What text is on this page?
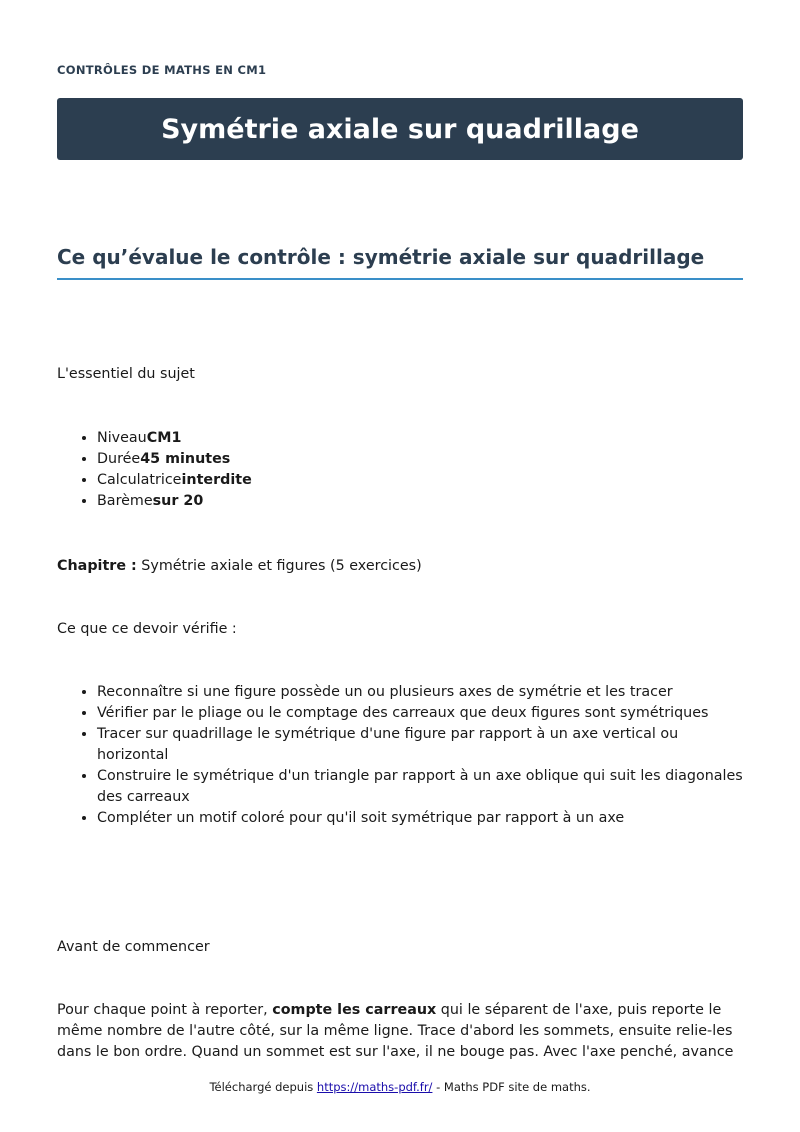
CONTRÔLES DE MATHS EN CM1
Symétrie axiale sur quadrillage
Ce qu’évalue le contrôle : symétrie axiale sur quadrillage

L'essentiel du sujet

• NiveauCM1
• Durée45 minutes
• Calculatriceinterdite
• Barèmesur 20

Chapitre : Symétrie axiale et figures (5 exercices)

Ce que ce devoir vérifie :

• Reconnaître si une figure possède un ou plusieurs axes de symétrie et les tracer
• Vérifier par le pliage ou le comptage des carreaux que deux figures sont symétriques
• Tracer sur quadrillage le symétrique d'une figure par rapport à un axe vertical ou horizontal
• Construire le symétrique d'un triangle par rapport à un axe oblique qui suit les diagonales des carreaux
• Compléter un motif coloré pour qu'il soit symétrique par rapport à un axe

Avant de commencer

Pour chaque point à reporter, compte les carreaux qui le séparent de l'axe, puis reporte le même nombre de l'autre côté, sur la même ligne. Trace d'abord les sommets, ensuite relie-les dans le bon ordre. Quand un sommet est sur l'axe, il ne bouge pas. Avec l'axe penché, avance

Téléchargé depuis https://maths-pdf.fr/ - Maths PDF site de maths.
